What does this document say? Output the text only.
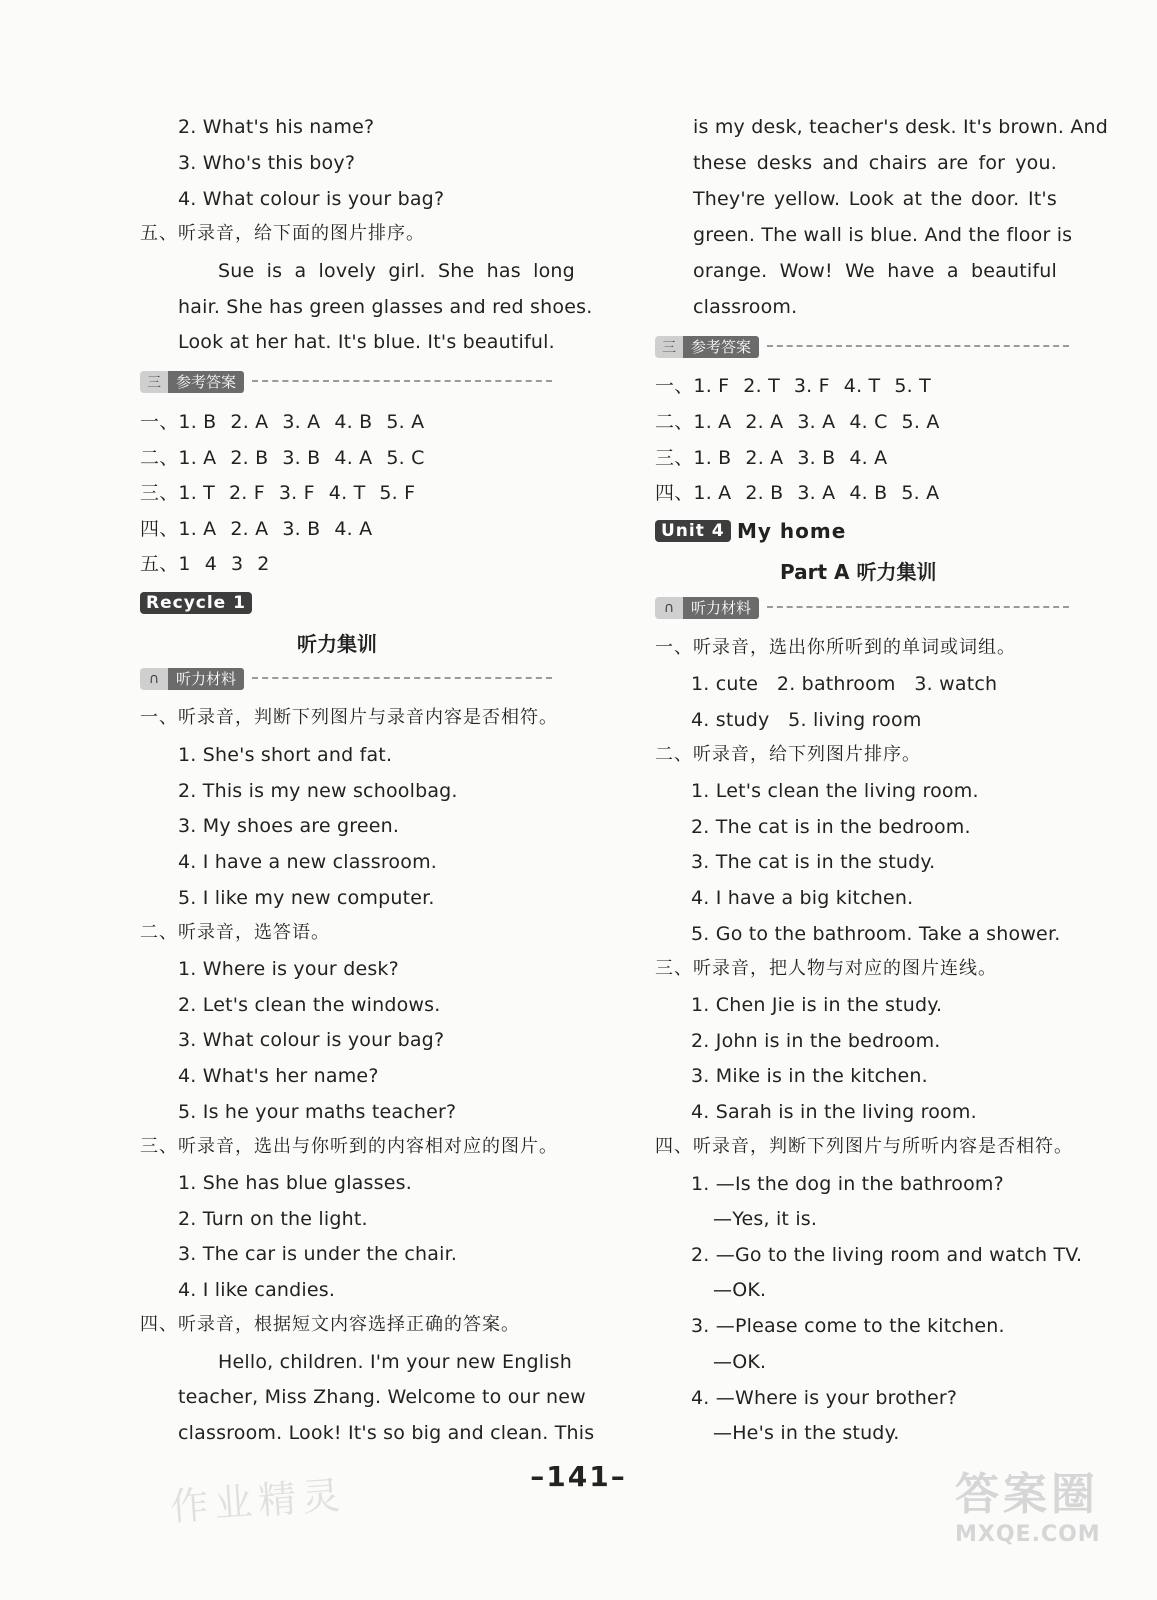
2. What's his name?
3. Who's this boy?
4. What colour is your bag?
五、听录音，给下面的图片排序。
Sue is a lovely girl. She has long
hair. She has green glasses and red shoes.
Look at her hat. It's blue. It's beautiful.
三	参考答案
一、1. B 2. A 3. A 4. B 5. A
二、1. A 2. B 3. B 4. A 5. C
三、1. T 2. F 3. F 4. T 5. F
四、1. A 2. A 3. B 4. A
五、1 4 3 2
Recycle 1
听力集训
∩	听力材料
一、听录音，判断下列图片与录音内容是否相符。
1. She's short and fat.
2. This is my new schoolbag.
3. My shoes are green.
4. I have a new classroom.
5. I like my new computer.
二、听录音，选答语。
1. Where is your desk?
2. Let's clean the windows.
3. What colour is your bag?
4. What's her name?
5. Is he your maths teacher?
三、听录音，选出与你听到的内容相对应的图片。
1. She has blue glasses.
2. Turn on the light.
3. The car is under the chair.
4. I like candies.
四、听录音，根据短文内容选择正确的答案。
Hello, children. I'm your new English
teacher, Miss Zhang. Welcome to our new
classroom. Look! It's so big and clean. This
is my desk, teacher's desk. It's brown. And
these desks and chairs are for you.
They're yellow. Look at the door. It's
green. The wall is blue. And the floor is
orange. Wow! We have a beautiful
classroom.
三	参考答案
一、1. F 2. T 3. F 4. T 5. T
二、1. A 2. A 3. A 4. C 5. A
三、1. B 2. A 3. B 4. A
四、1. A 2. B 3. A 4. B 5. A
Unit 4 My home
Part A 听力集训
∩	听力材料
一、听录音，选出你所听到的单词或词组。
1. cute   2. bathroom   3. watch
4. study   5. living room
二、听录音，给下列图片排序。
1. Let's clean the living room.
2. The cat is in the bedroom.
3. The cat is in the study.
4. I have a big kitchen.
5. Go to the bathroom. Take a shower.
三、听录音，把人物与对应的图片连线。
1. Chen Jie is in the study.
2. John is in the bedroom.
3. Mike is in the kitchen.
4. Sarah is in the living room.
四、听录音，判断下列图片与所听内容是否相符。
1. —Is the dog in the bathroom?
—Yes, it is.
2. —Go to the living room and watch TV.
—OK.
3. —Please come to the kitchen.
—OK.
4. —Where is your brother?
—He's in the study.
–141–
作业精灵	答案圈
MXQE.COM
